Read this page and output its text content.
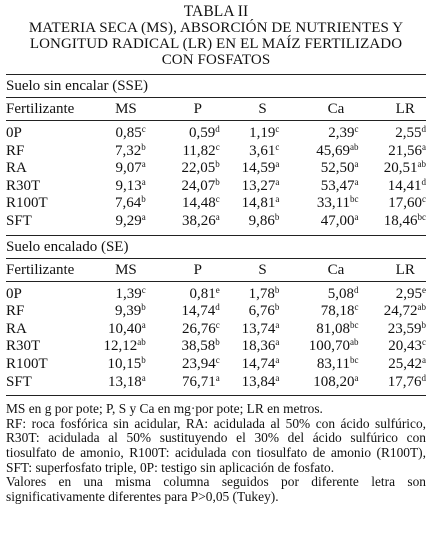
TABLA II
MATERIA SECA (MS), ABSORCIÓN DE NUTRIENTES Y
LONGITUD RADICAL (LR) EN EL MAÍZ FERTILIZADO
CON FOSFATOS
Suelo sin encalar (SSE)
Fertilizante	MS	P	S	Ca	LR

0P	0,85$^c$	0,59$^d$	1,19$^c$	2,39$^c$	2,55$^d$
RF	7,32$^b$	11,82$^c$	3,61$^c$	45,69$^{ab}$	21,56$^a$
RA	9,07$^a$	22,05$^b$	14,59$^a$	52,50$^a$	20,51$^{ab}$
R30T	9,13$^a$	24,07$^b$	13,27$^a$	53,47$^a$	14,41$^d$
R100T	7,64$^b$	14,48$^c$	14,81$^a$	33,11$^{bc}$	17,60$^c$
SFT	9,29$^a$	38,26$^a$	9,86$^b$	47,00$^a$	18,46$^{bc}$

Suelo encalado (SE)
Fertilizante	MS	P	S	Ca	LR

0P	1,39$^c$	0,81e	1,78$^b$	5,08$^d$	2,95e
RF	9,39$^b$	14,74$^d$	6,76$^b$	78,18$^c$	24,72$^{ab}$
RA	10,40$^a$	26,76$^c$	13,74$^a$	81,08$^{bc}$	23,59$^b$
R30T	12,12$^{ab}$	38,58$^b$	18,36$^a$	100,70$^{ab}$	20,43$^c$
R100T	10,15$^b$	23,94$^c$	14,74$^a$	83,11$^{bc}$	25,42$^a$
SFT	13,18$^a$	76,71$^a$	13,84$^a$	108,20$^a$	17,76$^d$

MS en g por pote; P, S y Ca en mg·por pote; LR en metros.

RF: roca fosfórica sin acidular, RA: acidulada al 50% con ácido sulfúrico, R30T: acidulada al 50% sustituyendo el 30% del ácido sulfúrico con tiosulfato de amonio, R100T: acidulada con tiosulfato de amonio (R100T), SFT: superfosfato triple, 0P: testigo sin aplicación de fosfato.

Valores en una misma columna seguidos por diferente letra son significativamente diferentes para P>0,05 (Tukey).
